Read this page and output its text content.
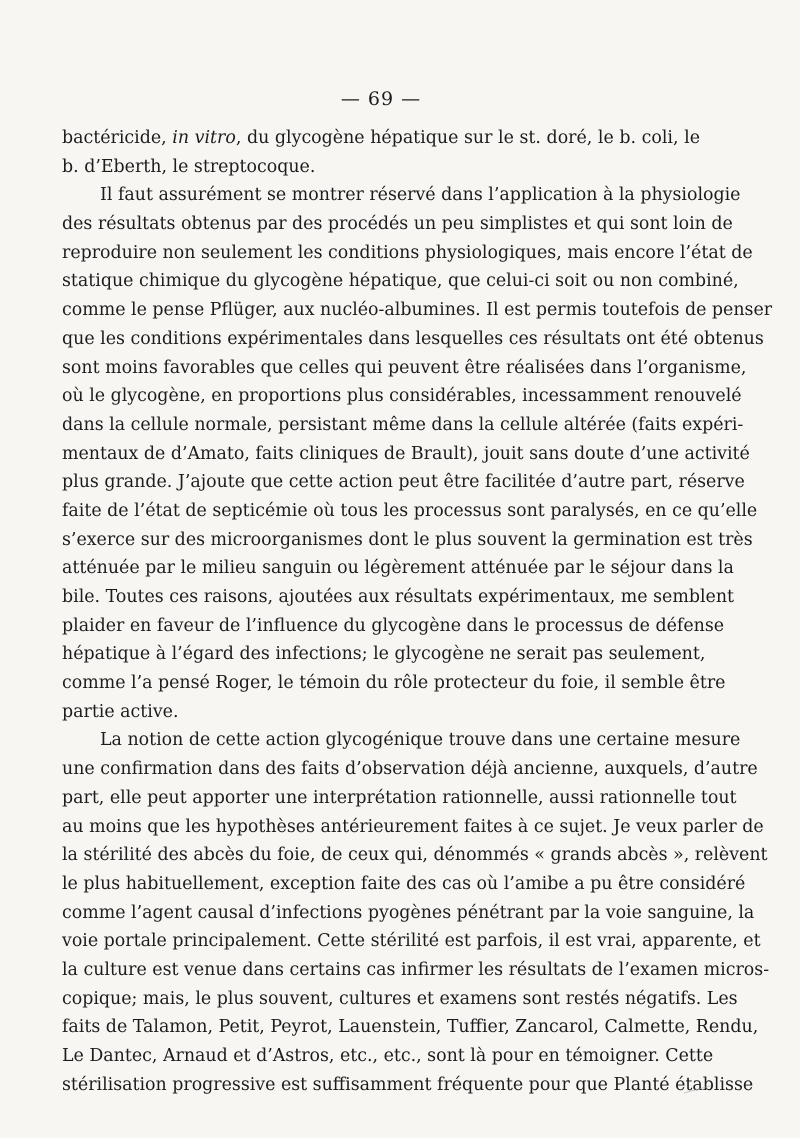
— 69 —
bactéricide, in vitro, du glycogène hépatique sur le st. doré, le b. coli, le
b. d’Eberth, le streptocoque.
Il faut assurément se montrer réservé dans l’application à la physiologie
des résultats obtenus par des procédés un peu simplistes et qui sont loin de
reproduire non seulement les conditions physiologiques, mais encore l’état de
statique chimique du glycogène hépatique, que celui-ci soit ou non combiné,
comme le pense Pflüger, aux nucléo-albumines. Il est permis toutefois de penser
que les conditions expérimentales dans lesquelles ces résultats ont été obtenus
sont moins favorables que celles qui peuvent être réalisées dans l’organisme,
où le glycogène, en proportions plus considérables, incessamment renouvelé
dans la cellule normale, persistant même dans la cellule altérée (faits expéri-
mentaux de d’Amato, faits cliniques de Brault), jouit sans doute d’une activité
plus grande. J’ajoute que cette action peut être facilitée d’autre part, réserve
faite de l’état de septicémie où tous les processus sont paralysés, en ce qu’elle
s’exerce sur des microorganismes dont le plus souvent la germination est très
atténuée par le milieu sanguin ou légèrement atténuée par le séjour dans la
bile. Toutes ces raisons, ajoutées aux résultats expérimentaux, me semblent
plaider en faveur de l’influence du glycogène dans le processus de défense
hépatique à l’égard des infections; le glycogène ne serait pas seulement,
comme l’a pensé Roger, le témoin du rôle protecteur du foie, il semble être
partie active.
La notion de cette action glycogénique trouve dans une certaine mesure
une confirmation dans des faits d’observation déjà ancienne, auxquels, d’autre
part, elle peut apporter une interprétation rationnelle, aussi rationnelle tout
au moins que les hypothèses antérieurement faites à ce sujet. Je veux parler de
la stérilité des abcès du foie, de ceux qui, dénommés « grands abcès », relèvent
le plus habituellement, exception faite des cas où l’amibe a pu être considéré
comme l’agent causal d’infections pyogènes pénétrant par la voie sanguine, la
voie portale principalement. Cette stérilité est parfois, il est vrai, apparente, et
la culture est venue dans certains cas infirmer les résultats de l’examen micros-
copique; mais, le plus souvent, cultures et examens sont restés négatifs. Les
faits de Talamon, Petit, Peyrot, Lauenstein, Tuffier, Zancarol, Calmette, Rendu,
Le Dantec, Arnaud et d’Astros, etc., etc., sont là pour en témoigner. Cette
stérilisation progressive est suffisamment fréquente pour que Planté établisse
